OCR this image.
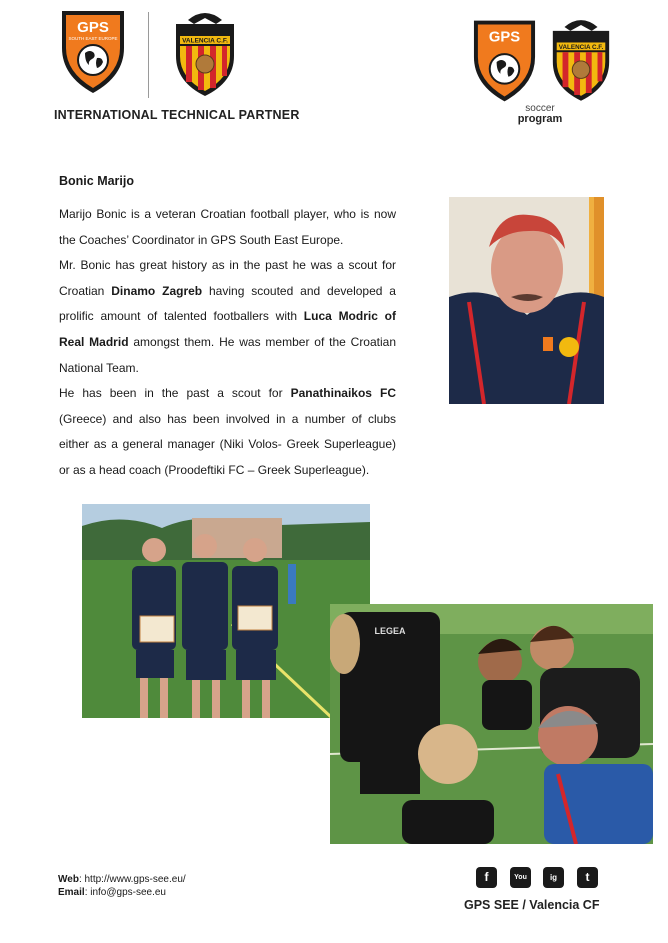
GPS
SOUTH EAST EUROPE	VALENCIA C.F.
INTERNATIONAL TECHNICAL PARTNER
GPS
VALENCIA C.F.
soccer
program
Bonic Marijo

Marijo Bonic is a veteran Croatian football player, who is now the Coaches’ Coordinator in GPS South East Europe.

Mr. Bonic has great history as in the past he was a scout for Croatian Dinamo Zagreb having scouted and developed a prolific amount of talented footballers with Luca Modric of Real Madrid amongst them. He was member of the Croatian National Team.

He has been in the past a scout for Panathinaikos FC (Greece) and also has been involved in a number of clubs either as a general manager (Niki Volos- Greek Superleague) or as a head coach (Proodeftiki FC – Greek Superleague).

LEGEA
Web: http://www.gps-see.eu/
Email: info@gps-see.eu
f	You	ig	t
GPS SEE / Valencia CF
